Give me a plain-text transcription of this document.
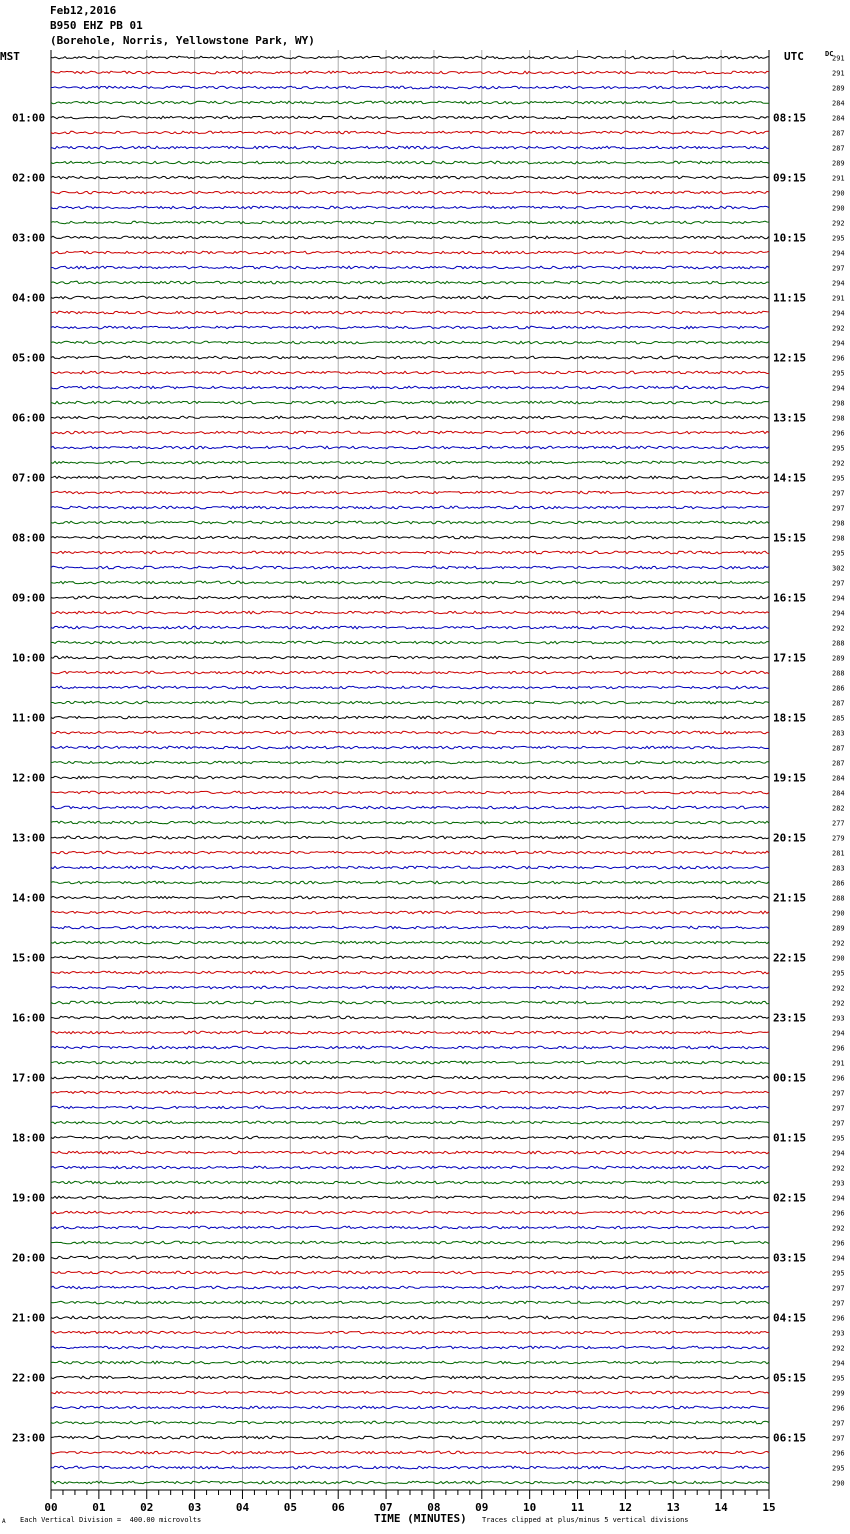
Feb12,2016
B950 EHZ PB 01
(Borehole, Norris, Yellowstone Park, WY)
MST	UTC	DC
291
291
289
284
284
287
287
289
291
290
290
292
295
294
297
294
291
294
292
294
296
295
294
298
298
296
295
292
295
297
297
298
298
295
302
297
294
294
292
288
289
288
286
287
285
283
287
287
284
284
282
277
279
281
283
286
288
290
289
292
290
295
292
292
293
294
296
291
296
297
297
297
295
294
292
293
294
296
292
296
294
295
297
297
296
293
292
294
295
299
296
297
297
296
295
290
01:00	08:15
02:00	09:15
03:00	10:15
04:00	11:15
05:00	12:15
06:00	13:15
07:00	14:15
08:00	15:15
09:00	16:15
10:00	17:15
11:00	18:15
12:00	19:15
13:00	20:15
14:00	21:15
15:00	22:15
16:00	23:15
17:00	00:15
18:00	01:15
19:00	02:15
20:00	03:15
21:00	04:15
22:00	05:15
23:00	06:15
00	01	02	03	04	05	06	07	08	09	10	11	12	13	14	15
TIME (MINUTES)
Each Vertical Division =  400.00 microvolts	Traces clipped at plus/minus 5 vertical divisions
A
